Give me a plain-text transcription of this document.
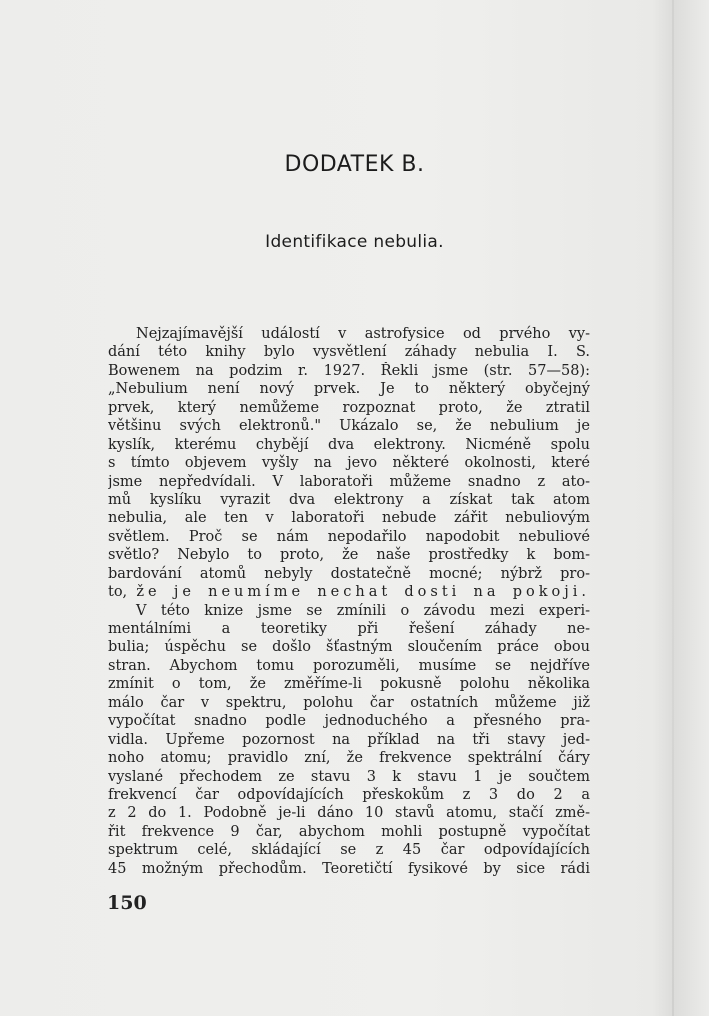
DODATEK B.
Identifikace nebulia.
Nejzajímavější událostí v astrofysice od prvého vy-
dání této knihy bylo vysvětlení záhady nebulia I. S.
Bowenem na podzim r. 1927. Řekli jsme (str. 57—58):
„Nebulium není nový prvek. Je to některý obyčejný
prvek, který nemůžeme rozpoznat proto, že ztratil
většinu svých elektronů." Ukázalo se, že nebulium je
kyslík, kterému chybějí dva elektrony. Nicméně spolu
s tímto objevem vyšly na jevo některé okolnosti, které
jsme nepředvídali. V laboratoři můžeme snadno z ato-
mů kyslíku vyrazit dva elektrony a získat tak atom
nebulia, ale ten v laboratoři nebude zářit nebuliovým
světlem. Proč se nám nepodařilo napodobit nebuliové
světlo? Nebylo to proto, že naše prostředky k bom-
bardování atomů nebyly dostatečně mocné; nýbrž pro-
to, že je neumíme nechat dosti na pokoji.
V této knize jsme se zmínili o závodu mezi experi-
mentálními a teoretiky při řešení záhady ne-
bulia; úspěchu se došlo šťastným sloučením práce obou
stran. Abychom tomu porozuměli, musíme se nejdříve
zmínit o tom, že změříme-li pokusně polohu několika
málo čar v spektru, polohu čar ostatních můžeme již
vypočítat snadno podle jednoduchého a přesného pra-
vidla. Upřeme pozornost na příklad na tři stavy jed-
noho atomu; pravidlo zní, že frekvence spektrální čáry
vyslané přechodem ze stavu 3 k stavu 1 je součtem
frekvencí čar odpovídajících přeskokům z 3 do 2 a
z 2 do 1. Podobně je-li dáno 10 stavů atomu, stačí změ-
řit frekvence 9 čar, abychom mohli postupně vypočítat
spektrum celé, skládající se z 45 čar odpovídajících
45 možným přechodům. Teoretičtí fysikové by sice rádi
150
